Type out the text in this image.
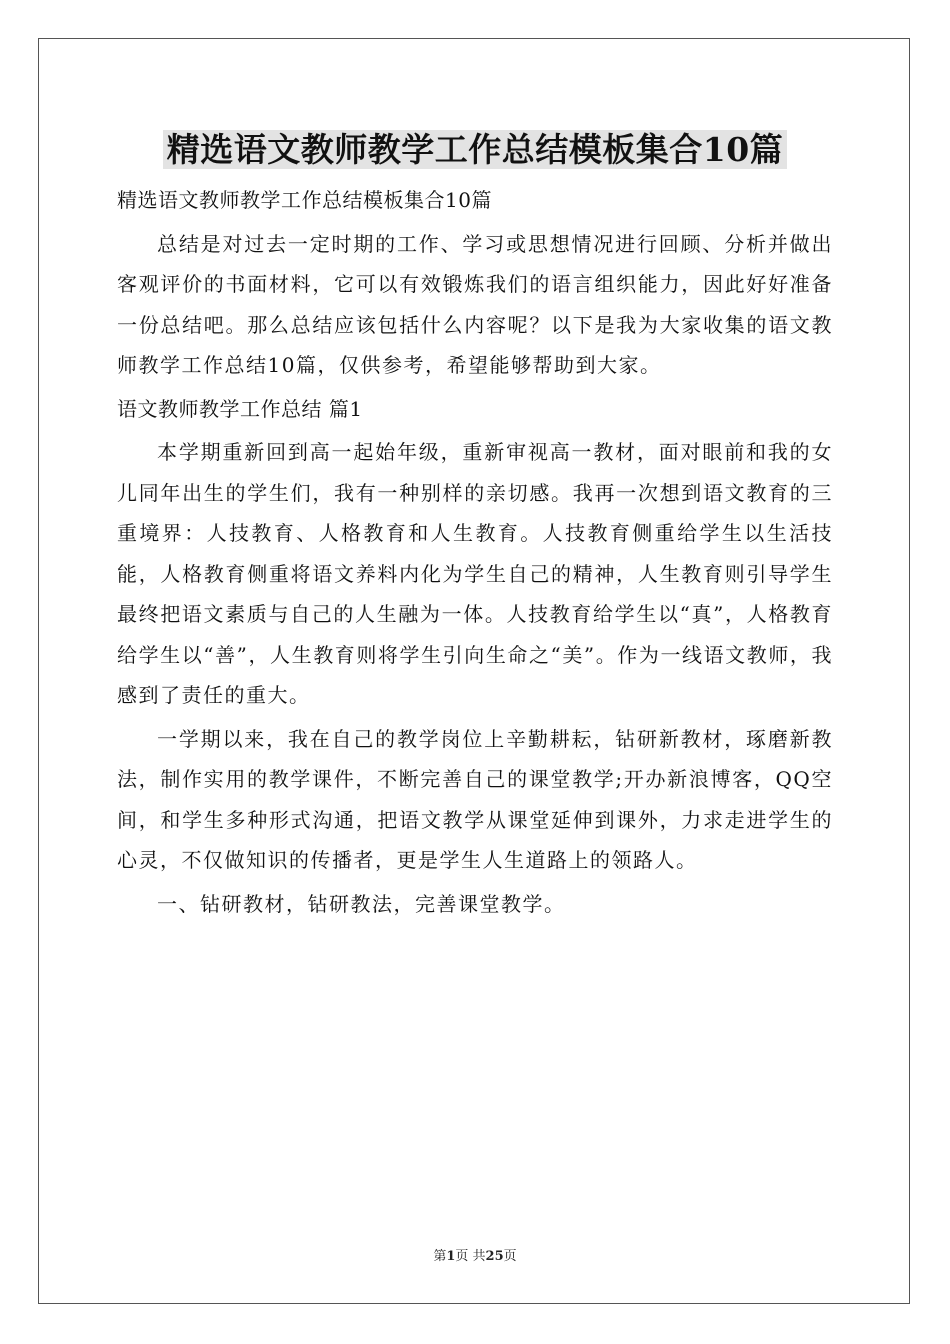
精选语文教师教学工作总结模板集合10篇

精选语文教师教学工作总结模板集合10篇

总结是对过去一定时期的工作、学习或思想情况进行回顾、分析并做出客观评价的书面材料，它可以有效锻炼我们的语言组织能力，因此好好准备一份总结吧。那么总结应该包括什么内容呢？以下是我为大家收集的语文教师教学工作总结10篇，仅供参考，希望能够帮助到大家。

语文教师教学工作总结 篇1

本学期重新回到高一起始年级，重新审视高一教材，面对眼前和我的女儿同年出生的学生们，我有一种别样的亲切感。我再一次想到语文教育的三重境界：人技教育、人格教育和人生教育。人技教育侧重给学生以生活技能，人格教育侧重将语文养料内化为学生自己的精神，人生教育则引导学生最终把语文素质与自己的人生融为一体。人技教育给学生以“真”，人格教育给学生以“善”，人生教育则将学生引向生命之“美”。作为一线语文教师，我感到了责任的重大。

一学期以来，我在自己的教学岗位上辛勤耕耘，钻研新教材，琢磨新教法，制作实用的教学课件，不断完善自己的课堂教学;开办新浪博客，QQ空间，和学生多种形式沟通，把语文教学从课堂延伸到课外，力求走进学生的心灵，不仅做知识的传播者，更是学生人生道路上的领路人。

一、钻研教材，钻研教法，完善课堂教学。

第1页 共25页
